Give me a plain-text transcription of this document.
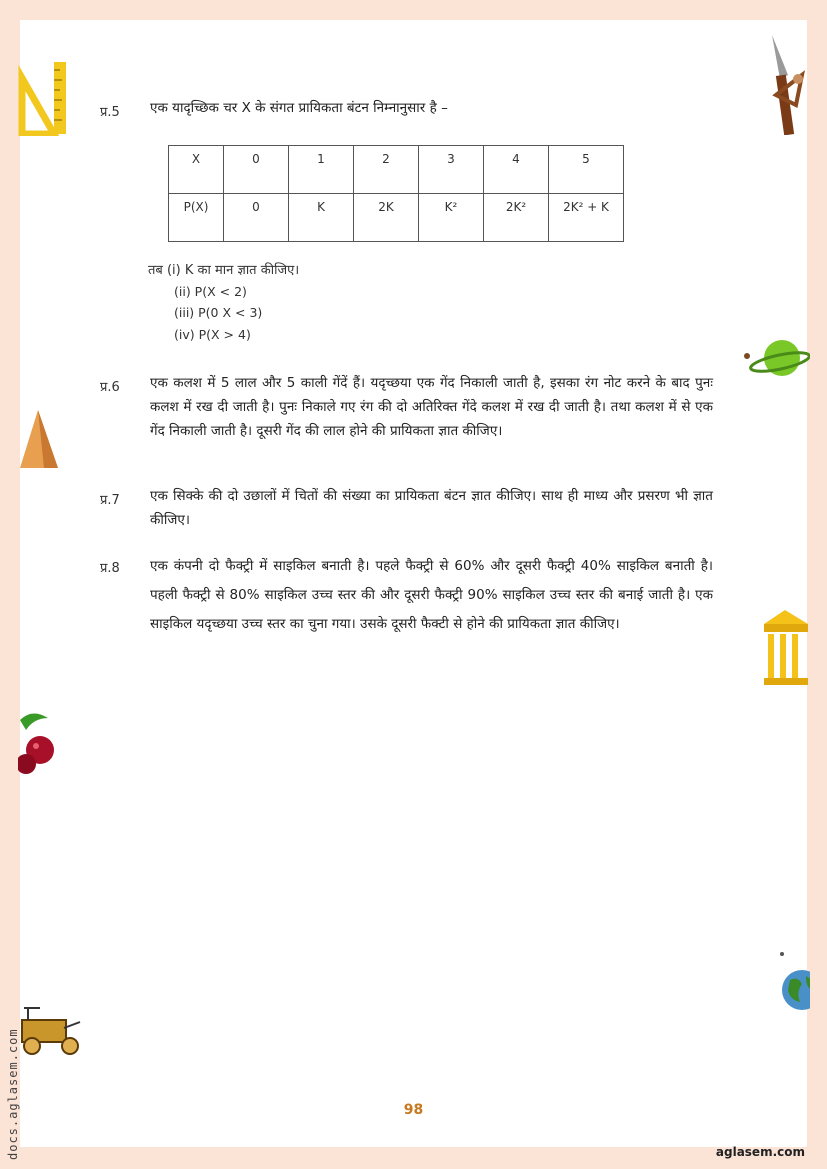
प्र.5 एक यादृच्छिक चर X के संगत प्रायिकता बंटन निम्नानुसार है –
X	0	1	2	3	4	5
P(X)	0	K	2K	K²	2K²	2K² + K
तब (i) K का मान ज्ञात कीजिए।
(ii) P(X < 2)
(iii) P(0 X < 3)
(iv) P(X > 4)
प्र.6 एक कलश में 5 लाल और 5 काली गेंदें हैं। यदृच्छया एक गेंद निकाली जाती है, इसका रंग नोट करने के बाद पुनः कलश में रख दी जाती है। पुनः निकाले गए रंग की दो अतिरिक्त गेंदे कलश में रख दी जाती है। तथा कलश में से एक गेंद निकाली जाती है। दूसरी गेंद की लाल होने की प्रायिकता ज्ञात कीजिए।
प्र.7 एक सिक्के की दो उछालों में चितों की संख्या का प्रायिकता बंटन ज्ञात कीजिए। साथ ही माध्य और प्रसरण भी ज्ञात कीजिए।
प्र.8 एक कंपनी दो फैक्ट्री में साइकिल बनाती है। पहले फैक्ट्री से 60% और दूसरी फैक्ट्री 40% साइकिल बनाती है। पहली फैक्ट्री से 80% साइकिल उच्च स्तर की और दूसरी फैक्ट्री 90% साइकिल उच्च स्तर की बनाई जाती है। एक साइकिल यदृच्छया उच्च स्तर का चुना गया। उसके दूसरी फैक्टी से होने की प्रायिकता ज्ञात कीजिए।
98
aglasem.com
docs.aglasem.com
